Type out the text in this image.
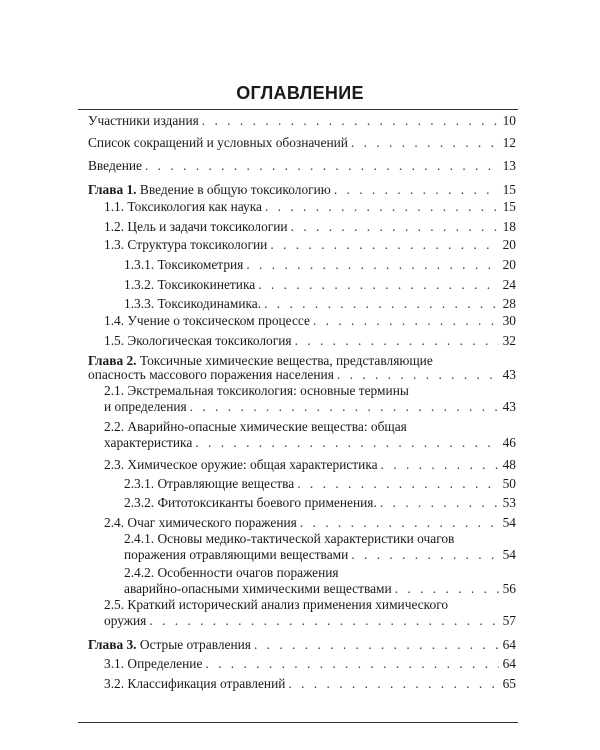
ОГЛАВЛЕНИЕ
Участники издания . . .	10
Список сокращений и условных обозначений . . .	12
Введение . . .	13
Глава 1. Введение в общую токсикологию . . .	15
1.1. Токсикология как наука . . .	15
1.2. Цель и задачи токсикологии . . .	18
1.3. Структура токсикологии . . .	20
1.3.1. Токсикометрия . . .	20
1.3.2. Токсикокинетика . . .	24
1.3.3. Токсикодинамика. . . .	28
1.4. Учение о токсическом процессе . . .	30
1.5. Экологическая токсикология . . .	32
Глава 2. Токсичные химические вещества, представляющие
опасность массового поражения населения . . .	43
2.1. Экстремальная токсикология: основные термины
и определения . . .	43
2.2. Аварийно-опасные химические вещества: общая
характеристика . . .	46
2.3. Химическое оружие: общая характеристика . . .	48
2.3.1. Отравляющие вещества . . .	50
2.3.2. Фитотоксиканты боевого применения. . . .	53
2.4. Очаг химического поражения . . .	54
2.4.1. Основы медико-тактической характеристики очагов
поражения отравляющими веществами . . .	54
2.4.2. Особенности очагов поражения
аварийно-опасными химическими веществами . . .	56
2.5. Краткий исторический анализ применения химического
оружия . . .	57
Глава 3. Острые отравления . . .	64
3.1. Определение . . .	64
3.2. Классификация отравлений . . .	65
